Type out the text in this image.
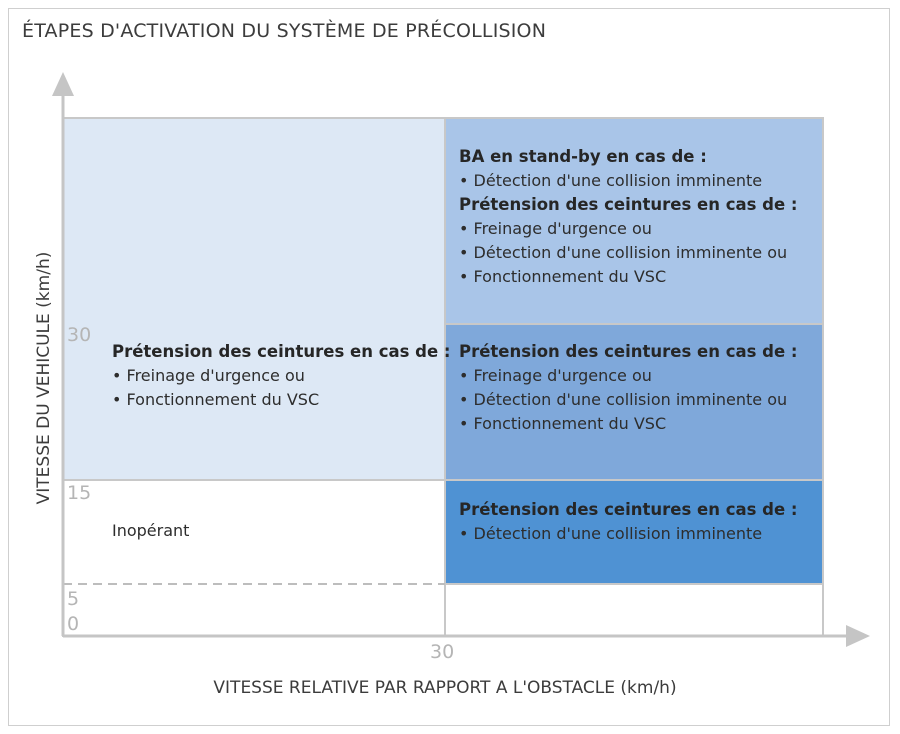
ÉTAPES D'ACTIVATION DU SYSTÈME DE PRÉCOLLISION
30
15
5
0
30
VITESSE DU VEHICULE (km/h)
VITESSE RELATIVE PAR RAPPORT A L'OBSTACLE (km/h)
Prétension des ceintures en cas de :
• Freinage d'urgence ou
• Fonctionnement du VSC
Inopérant
BA en stand-by en cas de :
• Détection d'une collision imminente
Prétension des ceintures en cas de :
• Freinage d'urgence ou
• Détection d'une collision imminente ou
• Fonctionnement du VSC
Prétension des ceintures en cas de :
• Freinage d'urgence ou
• Détection d'une collision imminente ou
• Fonctionnement du VSC
Prétension des ceintures en cas de :
• Détection d'une collision imminente
